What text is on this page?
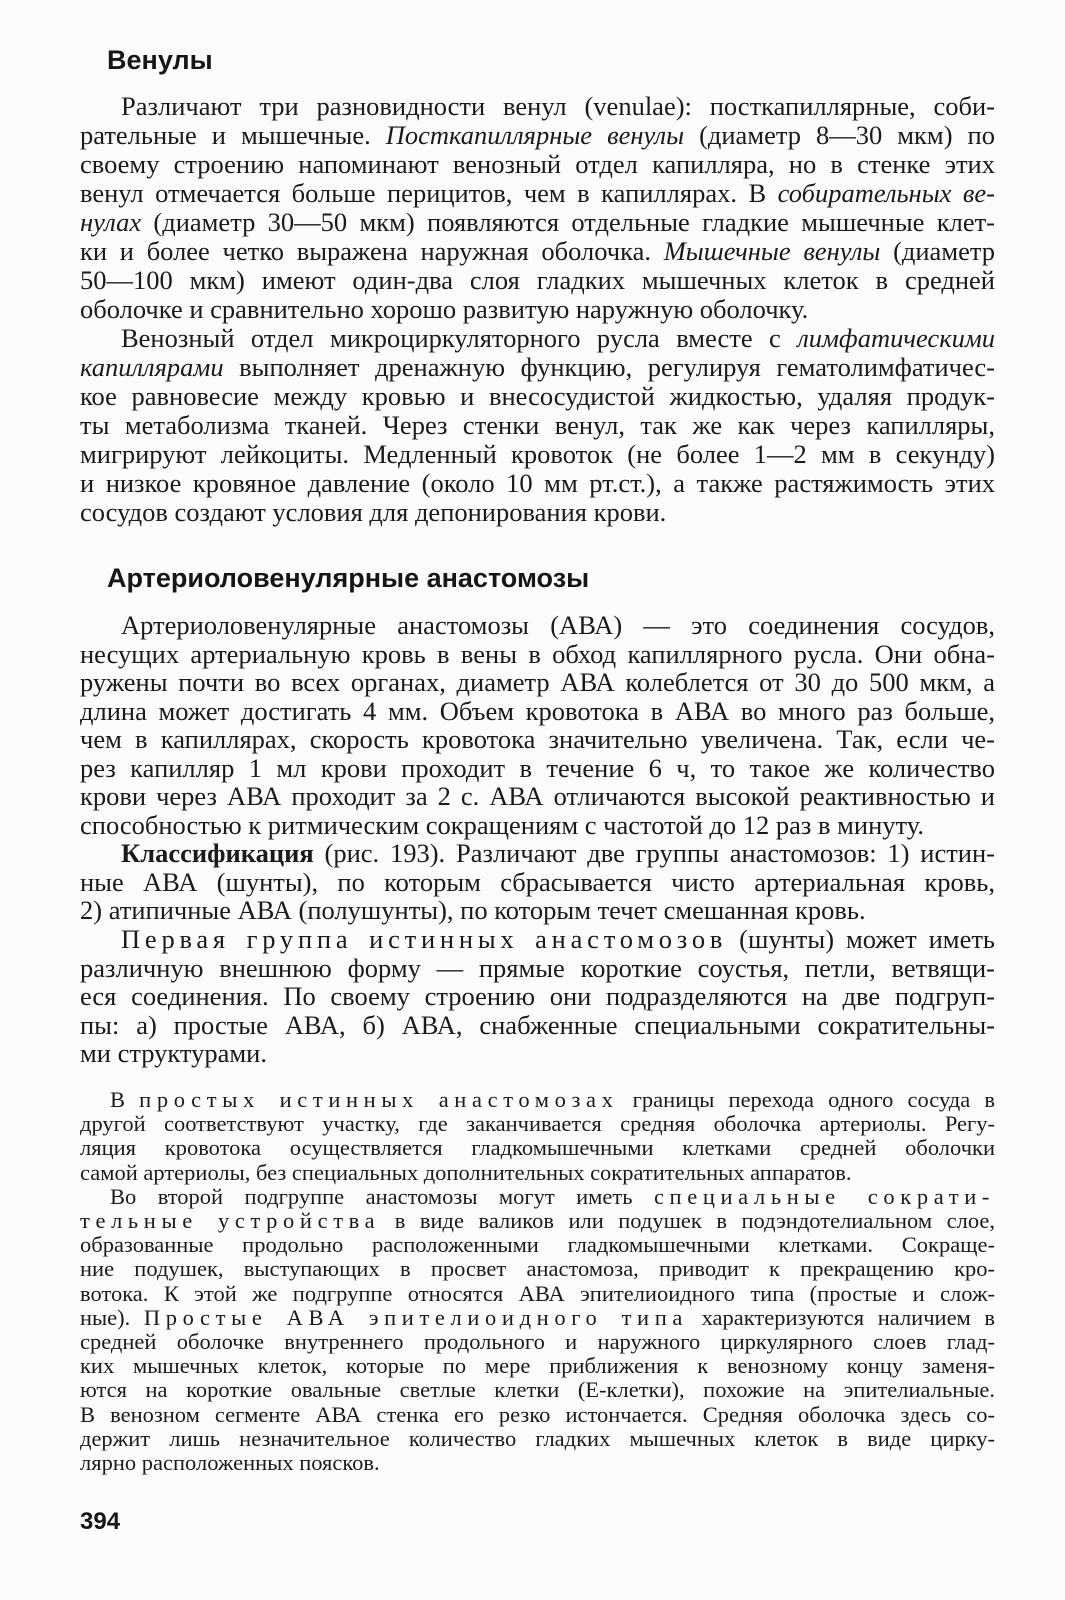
Венулы
Различают три разновидности венул (venulae): посткапиллярные, соби-
рательные и мышечные. Посткапиллярные венулы (диаметр 8—30 мкм) по
своему строению напоминают венозный отдел капилляра, но в стенке этих
венул отмечается больше перицитов, чем в капиллярах. В собирательных ве-
нулах (диаметр 30—50 мкм) появляются отдельные гладкие мышечные клет-
ки и более четко выражена наружная оболочка. Мышечные венулы (диаметр
50—100 мкм) имеют один-два слоя гладких мышечных клеток в средней
оболочке и сравнительно хорошо развитую наружную оболочку.
Венозный отдел микроциркуляторного русла вместе с лимфатическими
капиллярами выполняет дренажную функцию, регулируя гематолимфатичес-
кое равновесие между кровью и внесосудистой жидкостью, удаляя продук-
ты метаболизма тканей. Через стенки венул, так же как через капилляры,
мигрируют лейкоциты. Медленный кровоток (не более 1—2 мм в секунду)
и низкое кровяное давление (около 10 мм рт.ст.), а также растяжимость этих
сосудов создают условия для депонирования крови.
Артериоловенулярные анастомозы
Артериоловенулярные анастомозы (АВА) — это соединения сосудов,
несущих артериальную кровь в вены в обход капиллярного русла. Они обна-
ружены почти во всех органах, диаметр АВА колеблется от 30 до 500 мкм, а
длина может достигать 4 мм. Объем кровотока в АВА во много раз больше,
чем в капиллярах, скорость кровотока значительно увеличена. Так, если че-
рез капилляр 1 мл крови проходит в течение 6 ч, то такое же количество
крови через АВА проходит за 2 с. АВА отличаются высокой реактивностью и
способностью к ритмическим сокращениям с частотой до 12 раз в минуту.
Классификация (рис. 193). Различают две группы анастомозов: 1) истин-
ные АВА (шунты), по которым сбрасывается чисто артериальная кровь,
2) атипичные АВА (полушунты), по которым течет смешанная кровь.
Первая группа истинных анастомозов (шунты) может иметь
различную внешнюю форму — прямые короткие соустья, петли, ветвящи-
еся соединения. По своему строению они подразделяются на две подгруп-
пы: а) простые АВА, б) АВА, снабженные специальными сократительны-
ми структурами.
В простых истинных анастомозах границы перехода одного сосуда в
другой соответствуют участку, где заканчивается средняя оболочка артериолы. Регу-
ляция кровотока осуществляется гладкомышечными клетками средней оболочки
самой артериолы, без специальных дополнительных сократительных аппаратов.
Во второй подгруппе анастомозы могут иметь специальные сократи-
тельные устройства в виде валиков или подушек в подэндотелиальном слое,
образованные продольно расположенными гладкомышечными клетками. Сокраще-
ние подушек, выступающих в просвет анастомоза, приводит к прекращению кро-
вотока. К этой же подгруппе относятся АВА эпителиоидного типа (простые и слож-
ные). Простые АВА эпителиоидного типа характеризуются наличием в
средней оболочке внутреннего продольного и наружного циркулярного слоев глад-
ких мышечных клеток, которые по мере приближения к венозному концу заменя-
ются на короткие овальные светлые клетки (Е-клетки), похожие на эпителиальные.
В венозном сегменте АВА стенка его резко истончается. Средняя оболочка здесь со-
держит лишь незначительное количество гладких мышечных клеток в виде цирку-
лярно расположенных поясков.
394
